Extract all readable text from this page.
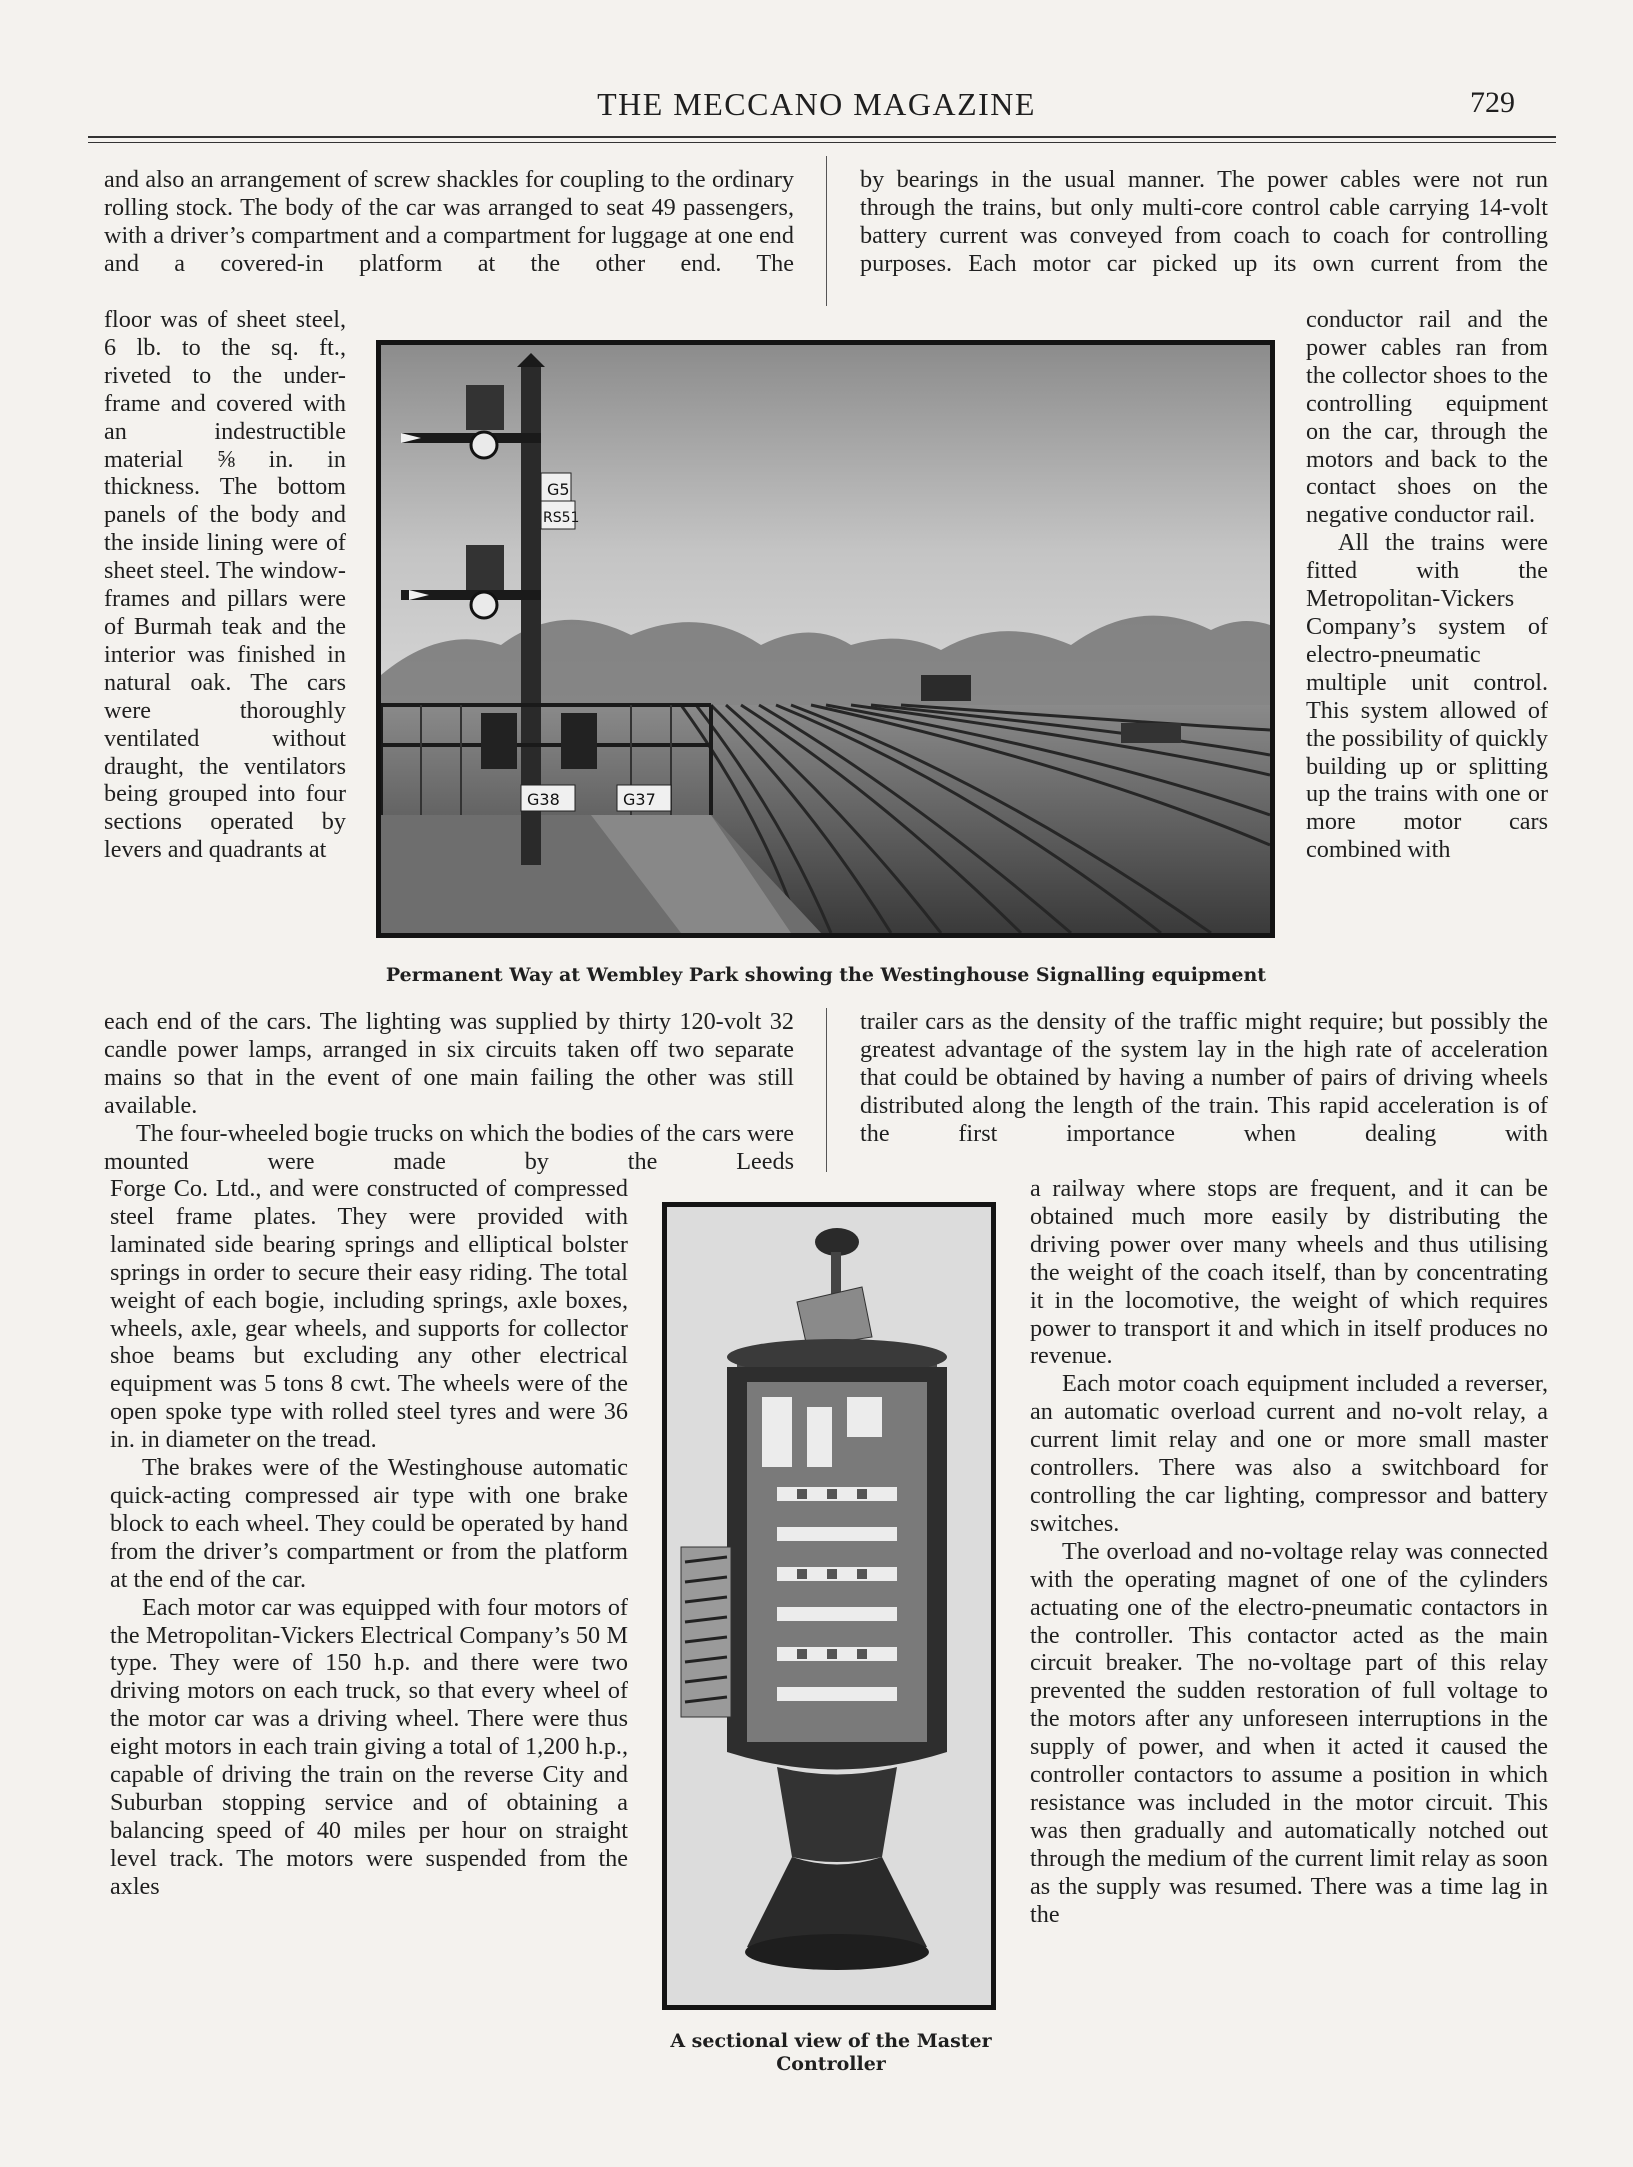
THE MECCANO MAGAZINE	729

and also an arrangement of screw shackles for coupling to the ordinary rolling stock. The body of the car was arranged to seat 49 passengers, with a driver’s compartment and a compartment for luggage at one end and a covered-in platform at the other end. The

by bearings in the usual manner. The power cables were not run through the trains, but only multi-core control cable carrying 14-volt battery current was conveyed from coach to coach for controlling purposes. Each motor car picked up its own current from the

floor was of sheet steel, 6 lb. to the sq. ft., riveted to the under-frame and covered with an indestructible material ⅝ in. in thickness. The bottom panels of the body and the inside lining were of sheet steel. The window-frames and pillars were of Burmah teak and the interior was finished in natural oak. The cars were thoroughly ventilated without draught, the ventilators being grouped into four sections operated by levers and quadrants at

conductor rail and the power cables ran from the collector shoes to the controlling equipment on the car, through the motors and back to the contact shoes on the negative conductor rail.

All the trains were fitted with the Metropolitan-Vickers Company’s system of electro-pneumatic multiple unit control. This system allowed of the possibility of quickly building up or splitting up the trains with one or more motor cars combined with

G5
RS51
G38	G37
Permanent Way at Wembley Park showing the Westinghouse Signalling equipment

each end of the cars. The lighting was supplied by thirty 120-volt 32 candle power lamps, arranged in six circuits taken off two separate mains so that in the event of one main failing the other was still available.

The four-wheeled bogie trucks on which the bodies of the cars were mounted were made by the Leeds

trailer cars as the density of the traffic might require; but possibly the greatest advantage of the system lay in the high rate of acceleration that could be obtained by having a number of pairs of driving wheels distributed along the length of the train. This rapid acceleration is of the first importance when dealing with

Forge Co. Ltd., and were constructed of compressed steel frame plates. They were provided with laminated side bearing springs and elliptical bolster springs in order to secure their easy riding. The total weight of each bogie, including springs, axle boxes, wheels, axle, gear wheels, and supports for collector shoe beams but excluding any other electrical equipment was 5 tons 8 cwt. The wheels were of the open spoke type with rolled steel tyres and were 36 in. in diameter on the tread.

The brakes were of the Westinghouse automatic quick-acting compressed air type with one brake block to each wheel. They could be operated by hand from the driver’s compartment or from the platform at the end of the car.

Each motor car was equipped with four motors of the Metropolitan-Vickers Electrical Company’s 50 M type. They were of 150 h.p. and there were two driving motors on each truck, so that every wheel of the motor car was a driving wheel. There were thus eight motors in each train giving a total of 1,200 h.p., capable of driving the train on the reverse City and Suburban stopping service and of obtaining a balancing speed of 40 miles per hour on straight level track. The motors were suspended from the axles

A sectional view of the Master
Controller

a railway where stops are frequent, and it can be obtained much more easily by distributing the driving power over many wheels and thus utilising the weight of the coach itself, than by concentrating it in the locomotive, the weight of which requires power to transport it and which in itself produces no revenue.

Each motor coach equipment included a reverser, an automatic overload current and no-volt relay, a current limit relay and one or more small master controllers. There was also a switchboard for controlling the car lighting, compressor and battery switches.

The overload and no-voltage relay was connected with the operating magnet of one of the cylinders actuating one of the electro-pneumatic contactors in the controller. This contactor acted as the main circuit breaker. The no-voltage part of this relay prevented the sudden restoration of full voltage to the motors after any unforeseen interruptions in the supply of power, and when it acted it caused the controller contactors to assume a position in which resistance was included in the motor circuit. This was then gradually and automatically notched out through the medium of the current limit relay as soon as the supply was resumed. There was a time lag in the
